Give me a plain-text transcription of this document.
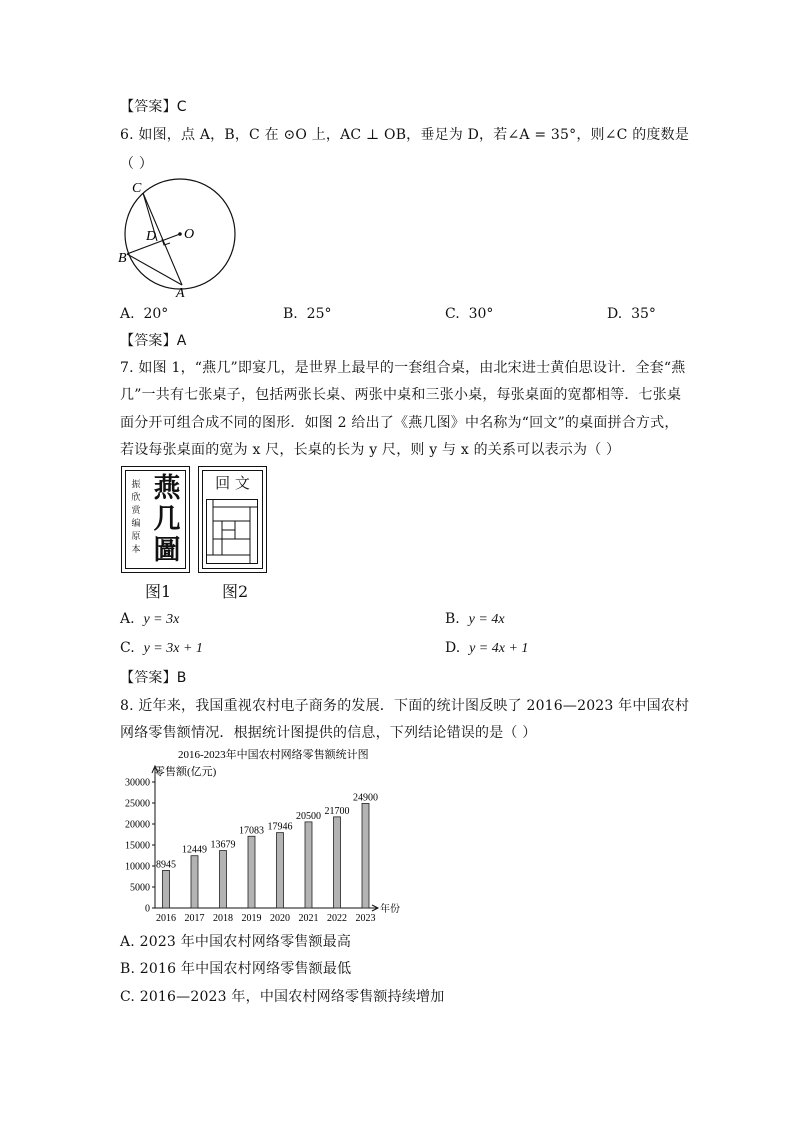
【答案】C
6. 如图，点 A，B，C 在 ⊙O 上，AC ⊥ OB，垂足为 D，若∠A = 35°，则∠C 的度数是
（ ）
C
D O
B
A
A. 20°	B. 25°	C. 30°	D. 35°
【答案】A
7. 如图 1，“燕几”即宴几，是世界上最早的一套组合桌，由北宋进士黄伯思设计．全套“燕
几”一共有七张桌子，包括两张长桌、两张中桌和三张小桌，每张桌面的宽都相等．七张桌
面分开可组合成不同的图形．如图 2 给出了《燕几图》中名称为“回文”的桌面拼合方式，
若设每张桌面的宽为 x 尺，长桌的长为 y 尺，则 y 与 x 的关系可以表示为（ ）
振
欣
赏
编
原
本
燕
几
圖
图1
回 文
图2
A. y = 3x	B. y = 4x
C. y = 3x + 1	D. y = 4x + 1
【答案】B
8. 近年来，我国重视农村电子商务的发展．下面的统计图反映了 2016—2023 年中国农村
网络零售额情况．根据统计图提供的信息，下列结论错误的是（ ）
2016-2023年中国农村网络零售额统计图
零售额(亿元)
年份
0
5000
10000
15000
20000
25000
30000
8945
2016
12449
2017
13679
2018
17083
2019
17946
2020
20500
2021
21700
2022
24900
2023
A. 2023 年中国农村网络零售额最高
B. 2016 年中国农村网络零售额最低
C. 2016—2023 年，中国农村网络零售额持续增加
